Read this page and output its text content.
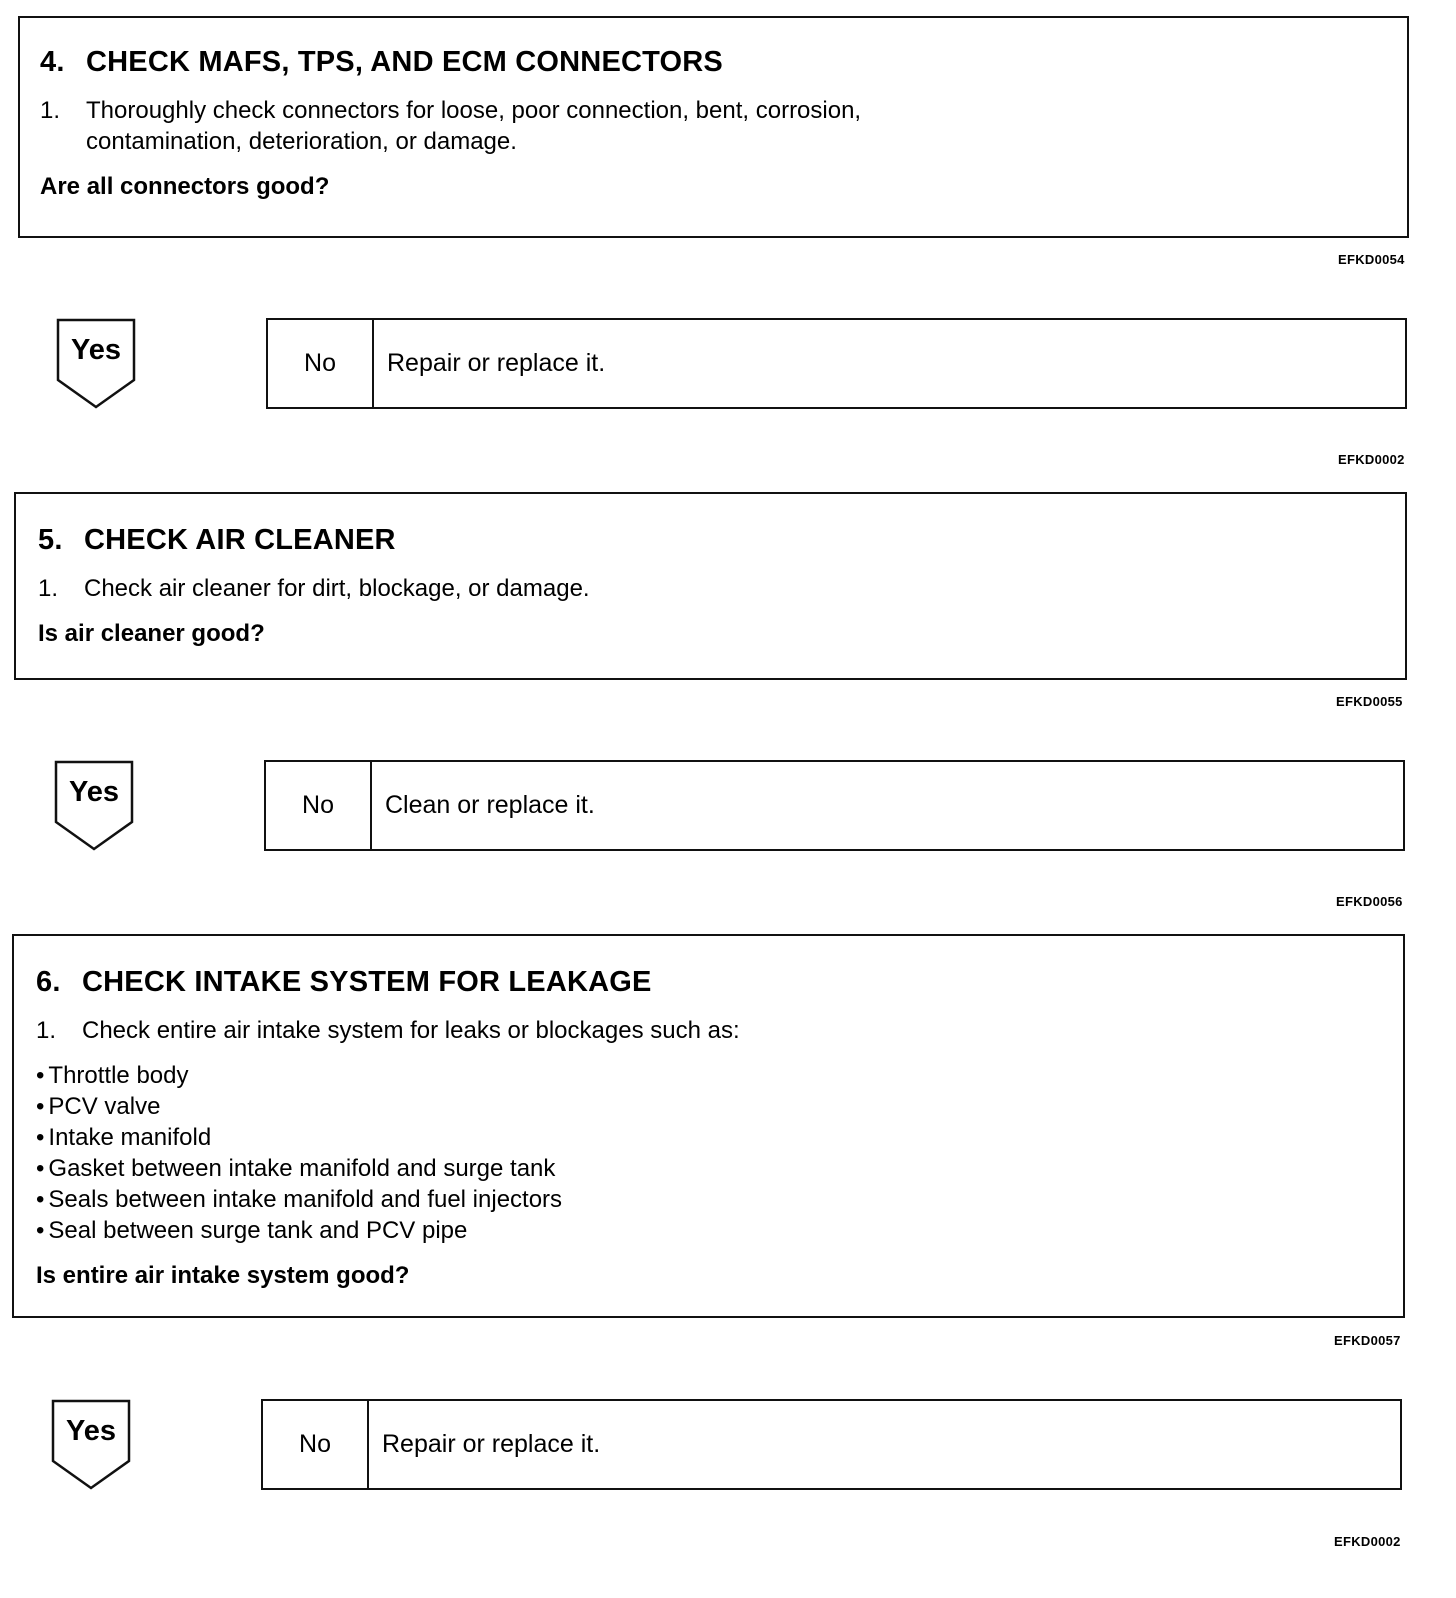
4. CHECK MAFS, TPS, AND ECM CONNECTORS
1.	Thoroughly check connectors for loose, poor connection, bent, corrosion,
contamination, deterioration, or damage.
Are all connectors good?
EFKD0054
Yes	No	Repair or replace it.
EFKD0002
5. CHECK AIR CLEANER
1.	Check air cleaner for dirt, blockage, or damage.
Is air cleaner good?
EFKD0055
Yes	No	Clean or replace it.
EFKD0056
6. CHECK INTAKE SYSTEM FOR LEAKAGE
1.	Check entire air intake system for leaks or blockages such as:
• Throttle body
• PCV valve
• Intake manifold
• Gasket between intake manifold and surge tank
• Seals between intake manifold and fuel injectors
• Seal between surge tank and PCV pipe
Is entire air intake system good?
EFKD0057
Yes	No	Repair or replace it.
EFKD0002
